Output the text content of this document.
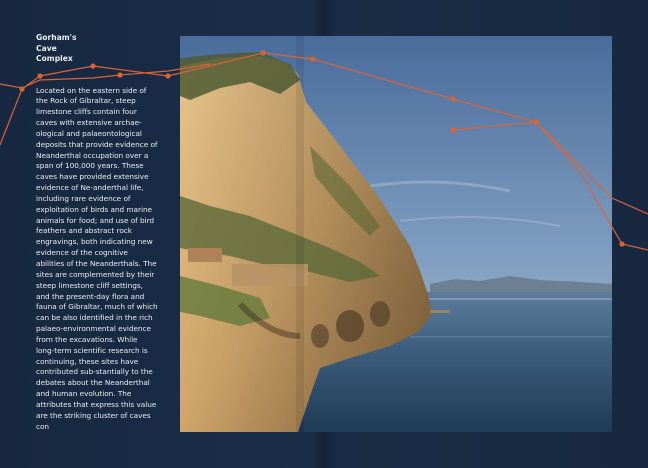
Gorham's
Cave
Complex

Located on the eastern side of the Rock of Gibraltar, steep limestone cliffs contain four caves with extensive archae-ological and palaeontological deposits that provide evidence of Neanderthal occupation over a span of 100,000 years. These caves have provided extensive evidence of Ne-anderthal life, including rare evidence of exploitation of birds and marine animals for food; and use of bird feathers and abstract rock engravings, both indicating new evidence of the cognitive abilities of the Neanderthals. The sites are complemented by their steep limestone cliff settings, and the present-day flora and fauna of Gibraltar, much of which can be also identified in the rich palaeo-environmental evidence from the excavations. While long-term scientific research is continuing, these sites have contributed sub-stantially to the debates about the Neanderthal and human evolution. The attributes that express this value are the striking cluster of caves con
